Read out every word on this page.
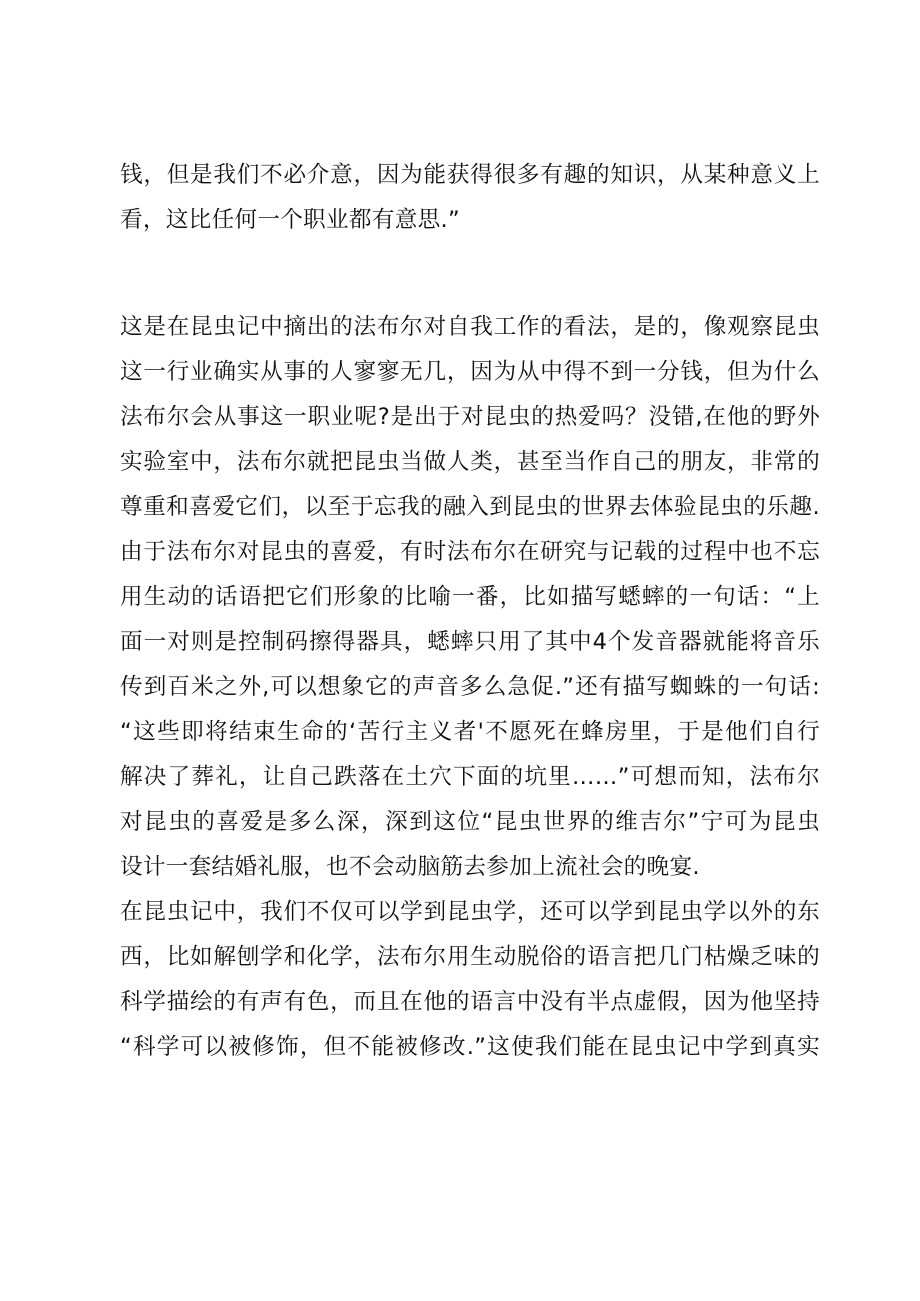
钱，但是我们不必介意，因为能获得很多有趣的知识，从某种意义上
看，这比任何一个职业都有意思.”
这是在昆虫记中摘出的法布尔对自我工作的看法，是的，像观察昆虫
这一行业确实从事的人寥寥无几，因为从中得不到一分钱，但为什么
法布尔会从事这一职业呢?是出于对昆虫的热爱吗？没错,在他的野外
实验室中，法布尔就把昆虫当做人类，甚至当作自己的朋友，非常的
尊重和喜爱它们，以至于忘我的融入到昆虫的世界去体验昆虫的乐趣.
由于法布尔对昆虫的喜爱，有时法布尔在研究与记载的过程中也不忘
用生动的话语把它们形象的比喻一番，比如描写蟋蟀的一句话：“上
面一对则是控制码擦得器具，蟋蟀只用了其中4个发音器就能将音乐
传到百米之外,可以想象它的声音多么急促.”还有描写蜘蛛的一句话:
“这些即将结束生命的‘苦行主义者'不愿死在蜂房里，于是他们自行
解决了葬礼，让自己跌落在土穴下面的坑里……”可想而知，法布尔
对昆虫的喜爱是多么深，深到这位“昆虫世界的维吉尔”宁可为昆虫
设计一套结婚礼服，也不会动脑筋去参加上流社会的晚宴.
在昆虫记中，我们不仅可以学到昆虫学，还可以学到昆虫学以外的东
西，比如解刨学和化学，法布尔用生动脱俗的语言把几门枯燥乏味的
科学描绘的有声有色，而且在他的语言中没有半点虚假，因为他坚持
“科学可以被修饰，但不能被修改.”这使我们能在昆虫记中学到真实
